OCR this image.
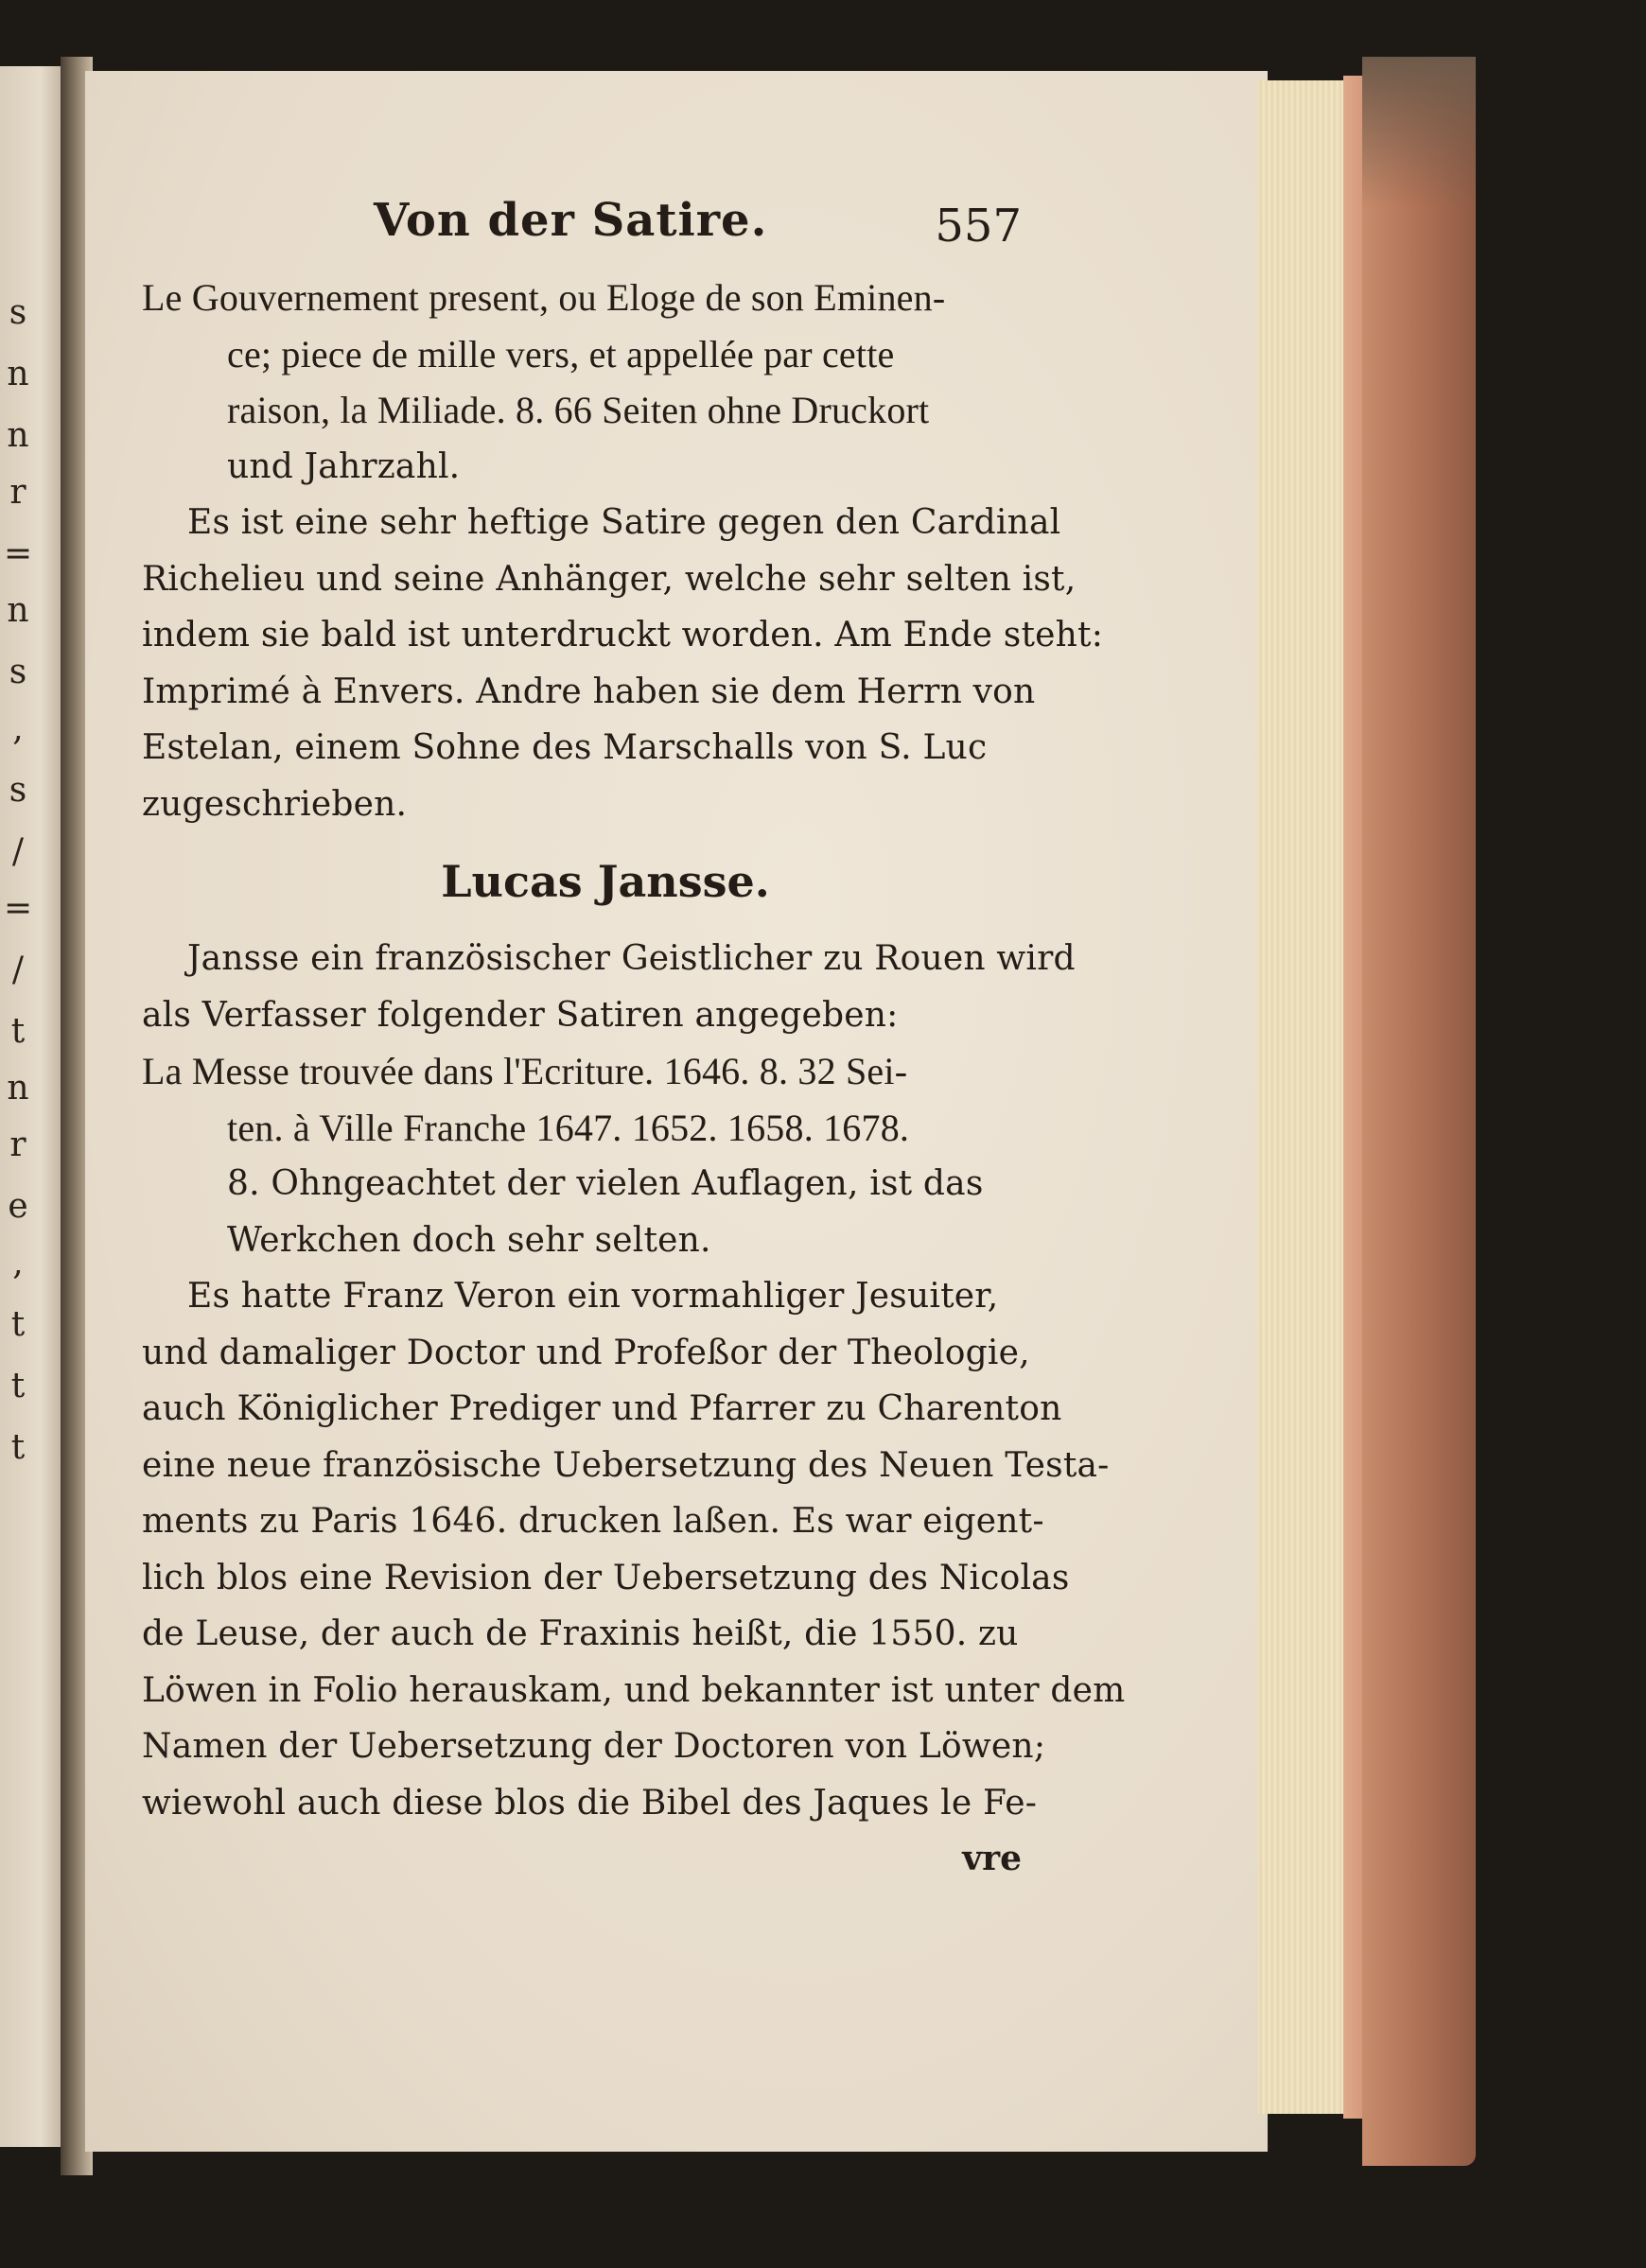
s
n
n
r
=
n
s
,
s
/
=
/
t
n
r
e
,
t
t
t
Von der Satire.	557
Le Gouvernement present, ou Eloge de son Eminen-
ce; piece de mille vers, et appellée par cette
raison, la Miliade. 8. 66 Seiten ohne Druckort
und Jahrzahl.
Es ist eine sehr heftige Satire gegen den Cardinal
Richelieu und seine Anhänger, welche sehr selten ist,
indem sie bald ist unterdruckt worden. Am Ende steht:
Imprimé à Envers. Andre haben sie dem Herrn von
Estelan, einem Sohne des Marschalls von S. Luc
zugeschrieben.
Lucas Jansse.
Jansse ein französischer Geistlicher zu Rouen wird
als Verfasser folgender Satiren angegeben:
La Messe trouvée dans l'Ecriture. 1646. 8. 32 Sei-
ten. à Ville Franche 1647. 1652. 1658. 1678.
8. Ohngeachtet der vielen Auflagen, ist das
Werkchen doch sehr selten.
Es hatte Franz Veron ein vormahliger Jesuiter,
und damaliger Doctor und Profeßor der Theologie,
auch Königlicher Prediger und Pfarrer zu Charenton
eine neue französische Uebersetzung des Neuen Testa-
ments zu Paris 1646. drucken laßen. Es war eigent-
lich blos eine Revision der Uebersetzung des Nicolas
de Leuse, der auch de Fraxinis heißt, die 1550. zu
Löwen in Folio herauskam, und bekannter ist unter dem
Namen der Uebersetzung der Doctoren von Löwen;
wiewohl auch diese blos die Bibel des Jaques le Fe-
vre
